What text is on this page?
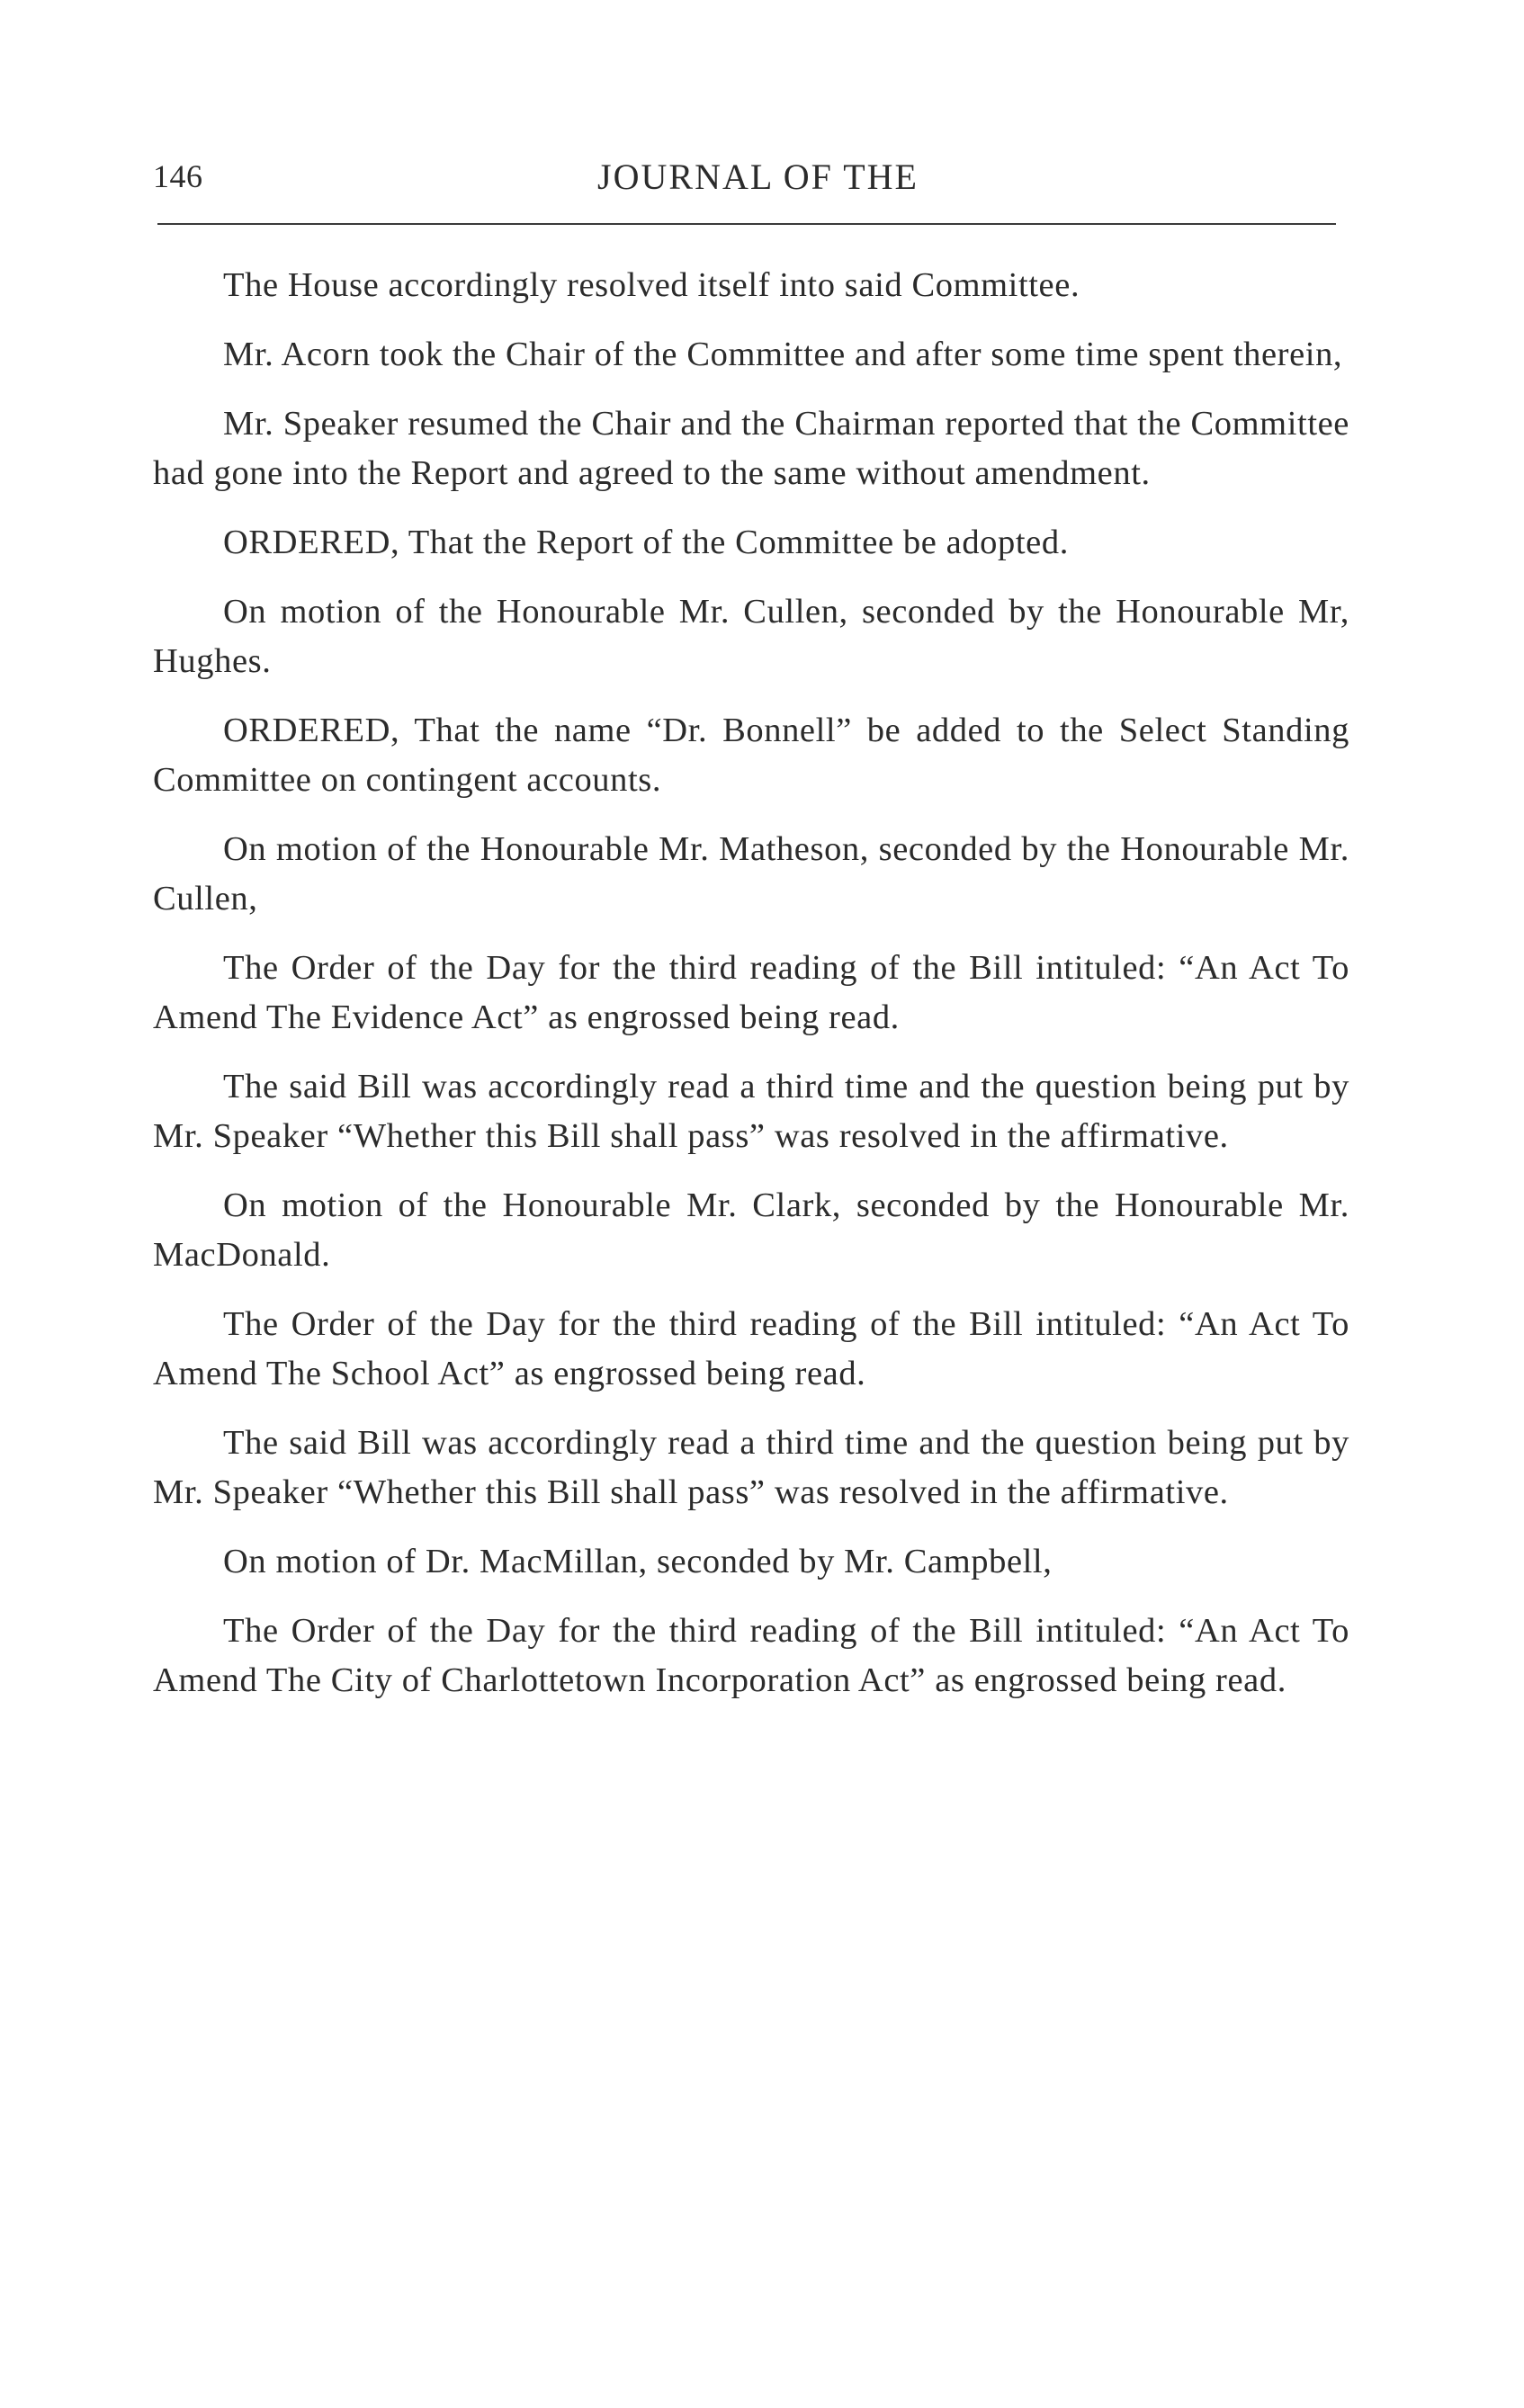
146	JOURNAL OF THE

The House accordingly resolved itself into said Committee.

Mr. Acorn took the Chair of the Committee and after some time spent therein,

Mr. Speaker resumed the Chair and the Chairman reported that the Committee had gone into the Report and agreed to the same without amendment.

ORDERED, That the Report of the Committee be adopted.

On motion of the Honourable Mr. Cullen, seconded by the Honourable Mr, Hughes.

ORDERED, That the name “Dr. Bonnell” be added to the Select Standing Committee on contingent accounts.

On motion of the Honourable Mr. Matheson, seconded by the Honourable Mr. Cullen,

The Order of the Day for the third reading of the Bill intituled: “An Act To Amend The Evidence Act” as engrossed being read.

The said Bill was accordingly read a third time and the question being put by Mr. Speaker “Whether this Bill shall pass” was resolved in the affirmative.

On motion of the Honourable Mr. Clark, seconded by the Honourable Mr. MacDonald.

The Order of the Day for the third reading of the Bill intituled: “An Act To Amend The School Act” as engrossed being read.

The said Bill was accordingly read a third time and the question being put by Mr. Speaker “Whether this Bill shall pass” was resolved in the affirmative.

On motion of Dr. MacMillan, seconded by Mr. Campbell,

The Order of the Day for the third reading of the Bill intituled: “An Act To Amend The City of Charlottetown Incorporation Act” as engrossed being read.
